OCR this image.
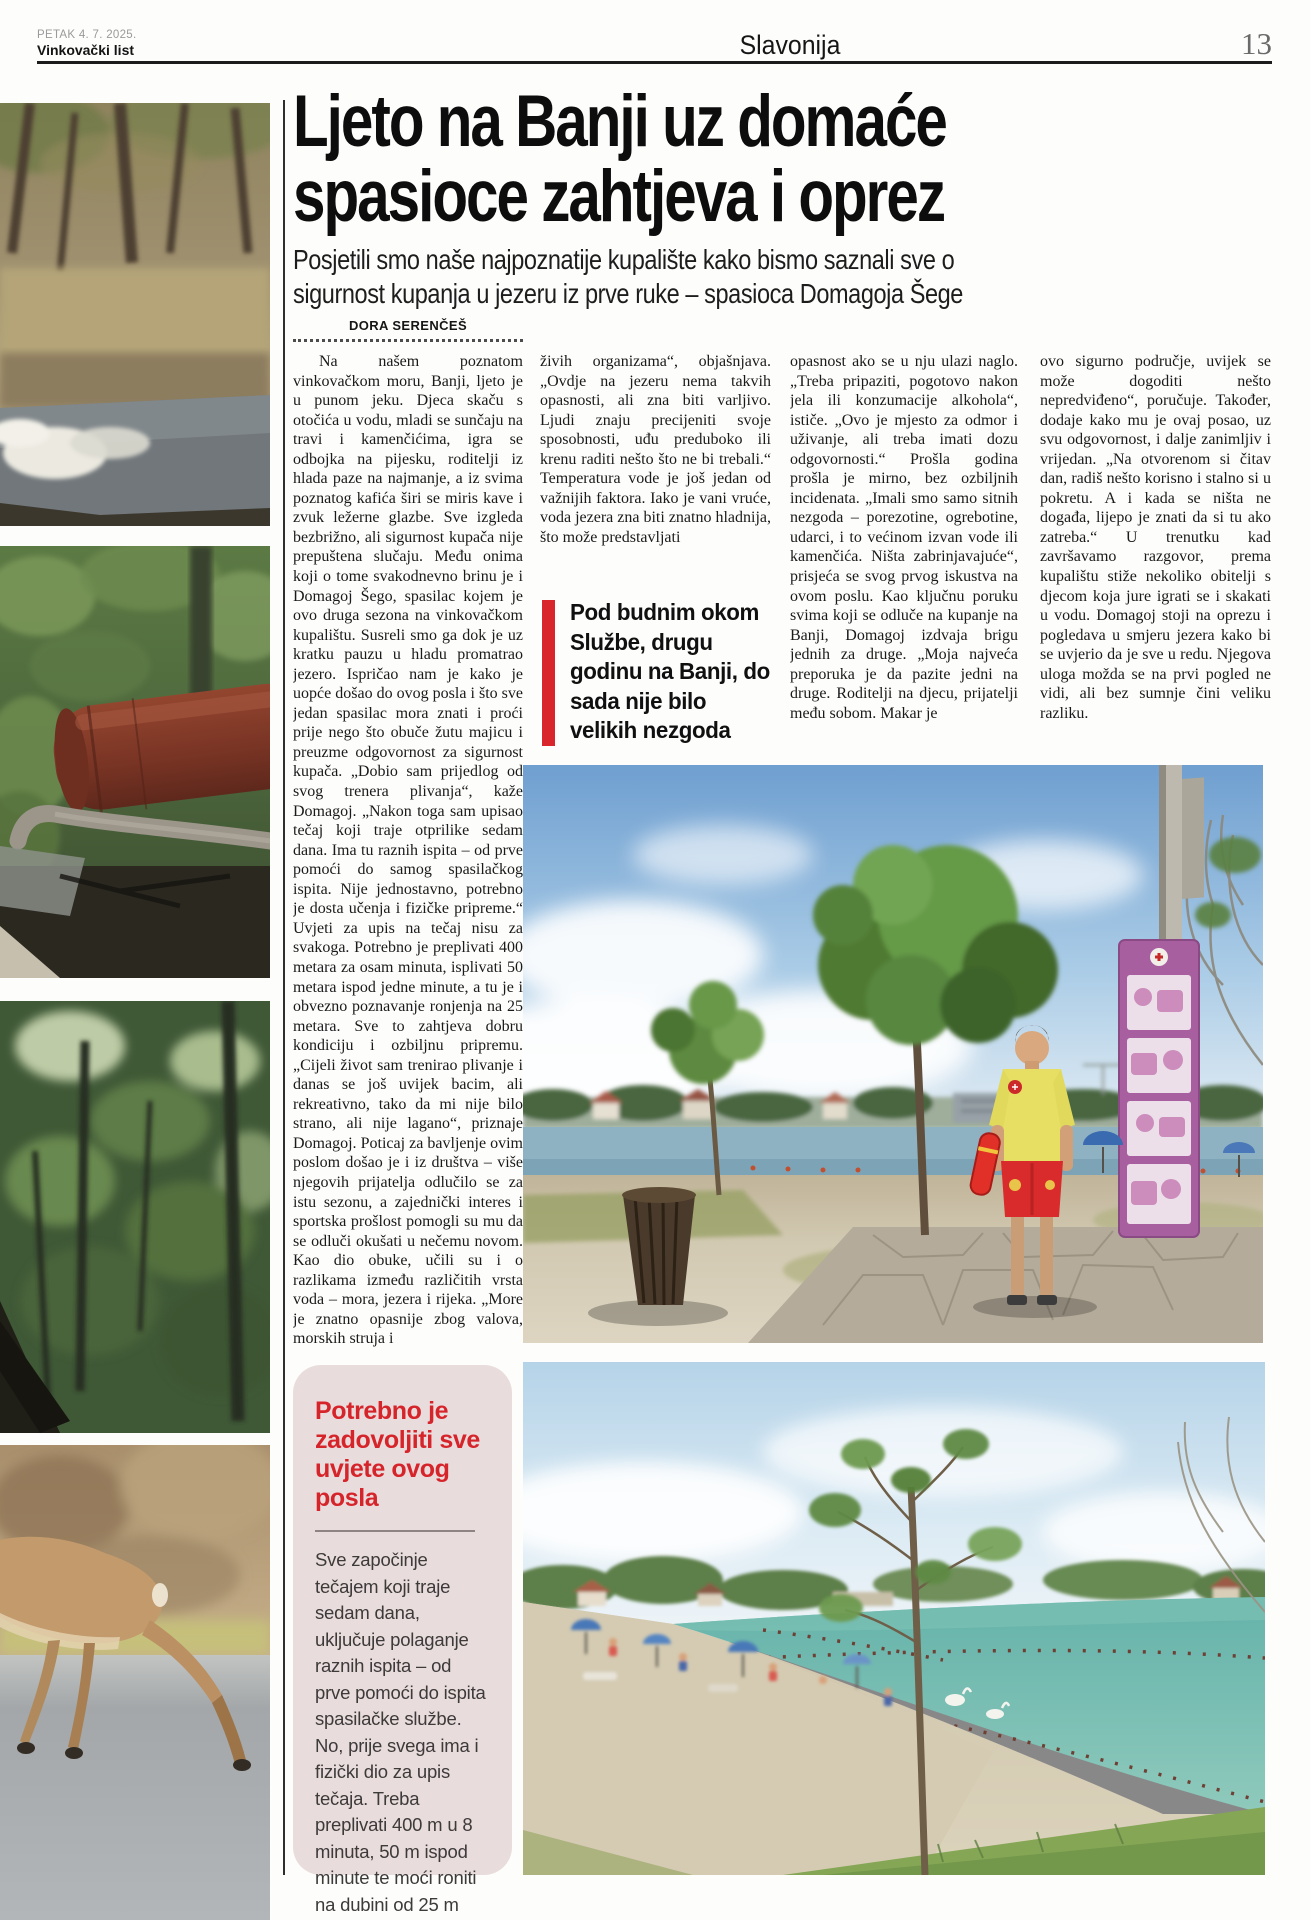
PETAK 4. 7. 2025.
Vinkovački list	Slavonija	13
Ljeto na Banji uz domaće
spasioce zahtjeva i oprez
Posjetili smo naše najpoznatije kupalište kako bismo saznali sve o
sigurnost kupanja u jezeru iz prve ruke – spasioca Domagoja Šege
DORA SERENČEŠ
Na našem poznatom vinkovačkom moru, Banji, ljeto je u punom jeku. Djeca skaču s otočića u vodu, mladi se sunčaju na travi i kamenčićima, igra se odbojka na pijesku, roditelji iz hlada paze na najmanje, a iz svima poznatog kafića širi se miris kave i zvuk ležerne glazbe. Sve izgleda bezbrižno, ali sigurnost kupača nije prepuštena slučaju. Među onima koji o tome svakodnevno brinu je i Domagoj Šego, spasilac kojem je ovo druga sezona na vinkovačkom kupalištu. Susreli smo ga dok je uz kratku pauzu u hladu promatrao jezero. Ispričao nam je kako je uopće došao do ovog posla i što sve jedan spasilac mora znati i proći prije nego što obuče žutu majicu i preuzme odgovornost za sigurnost kupača. „Dobio sam prijedlog od svog trenera plivanja“, kaže Domagoj. „Nakon toga sam upisao tečaj koji traje otprilike sedam dana. Ima tu raznih ispita – od prve pomoći do samog spasilačkog ispita. Nije jednostavno, potrebno je dosta učenja i fizičke pripreme.“ Uvjeti za upis na tečaj nisu za svakoga. Potrebno je preplivati 400 metara za osam minuta, isplivati 50 metara ispod jedne minute, a tu je i obvezno poznavanje ronjenja na 25 metara. Sve to zahtjeva dobru kondiciju i ozbiljnu pripremu. „Cijeli život sam trenirao plivanje i danas se još uvijek bacim, ali rekreativno, tako da mi nije bilo strano, ali nije lagano“, priznaje Domagoj. Poticaj za bavljenje ovim poslom došao je i iz društva – više njegovih prijatelja odlučilo se za istu sezonu, a zajednički interes i sportska prošlost pomogli su mu da se odluči okušati u nečemu novom. Kao dio obuke, učili su i o razlikama između različitih vrsta voda – mora, jezera i rijeka. „More je znatno opasnije zbog valova, morskih struja i
živih organizama“, objašnjava. „Ovdje na jezeru nema takvih opasnosti, ali zna biti varljivo. Ljudi znaju precijeniti svoje sposobnosti, uđu preduboko ili krenu raditi nešto što ne bi trebali.“ Temperatura vode je još jedan od važnijih faktora. Iako je vani vruće, voda jezera zna biti znatno hladnija, što može predstavljati
opasnost ako se u nju ulazi naglo. „Treba pripaziti, pogotovo nakon jela ili konzumacije alkohola“, ističe. „Ovo je mjesto za odmor i uživanje, ali treba imati dozu odgovornosti.“ Prošla godina prošla je mirno, bez ozbiljnih incidenata. „Imali smo samo sitnih nezgoda – porezotine, ogrebotine, udarci, i to većinom izvan vode ili kamenčića. Ništa zabrinjavajuće“, prisjeća se svog prvog iskustva na ovom poslu. Kao ključnu poruku svima koji se odluče na kupanje na Banji, Domagoj izdvaja brigu jednih za druge. „Moja najveća preporuka je da pazite jedni na druge. Roditelji na djecu, prijatelji među sobom. Makar je
ovo sigurno područje, uvijek se može dogoditi nešto nepredviđeno“, poručuje. Također, dodaje kako mu je ovaj posao, uz svu odgovornost, i dalje zanimljiv i vrijedan. „Na otvorenom si čitav dan, radiš nešto korisno i stalno si u pokretu. A i kada se ništa ne događa, lijepo je znati da si tu ako zatreba.“ U trenutku kad završavamo razgovor, prema kupalištu stiže nekoliko obitelji s djecom koja jure igrati se i skakati u vodu. Domagoj stoji na oprezu i pogledava u smjeru jezera kako bi se uvjerio da je sve u redu. Njegova uloga možda se na prvi pogled ne vidi, ali bez sumnje čini veliku razliku.
Pod budnim okom Službe, drugu godinu na Banji, do sada nije bilo velikih nezgoda
Potrebno je zadovoljiti sve uvjete ovog posla
Sve započinje tečajem koji traje sedam dana, uključuje polaganje raznih ispita – od prve pomoći do ispita spasilačke službe. No, prije svega ima i fizički dio za upis tečaja. Treba preplivati 400 m u 8 minuta, 50 m ispod minute te moći roniti na dubini od 25 m
